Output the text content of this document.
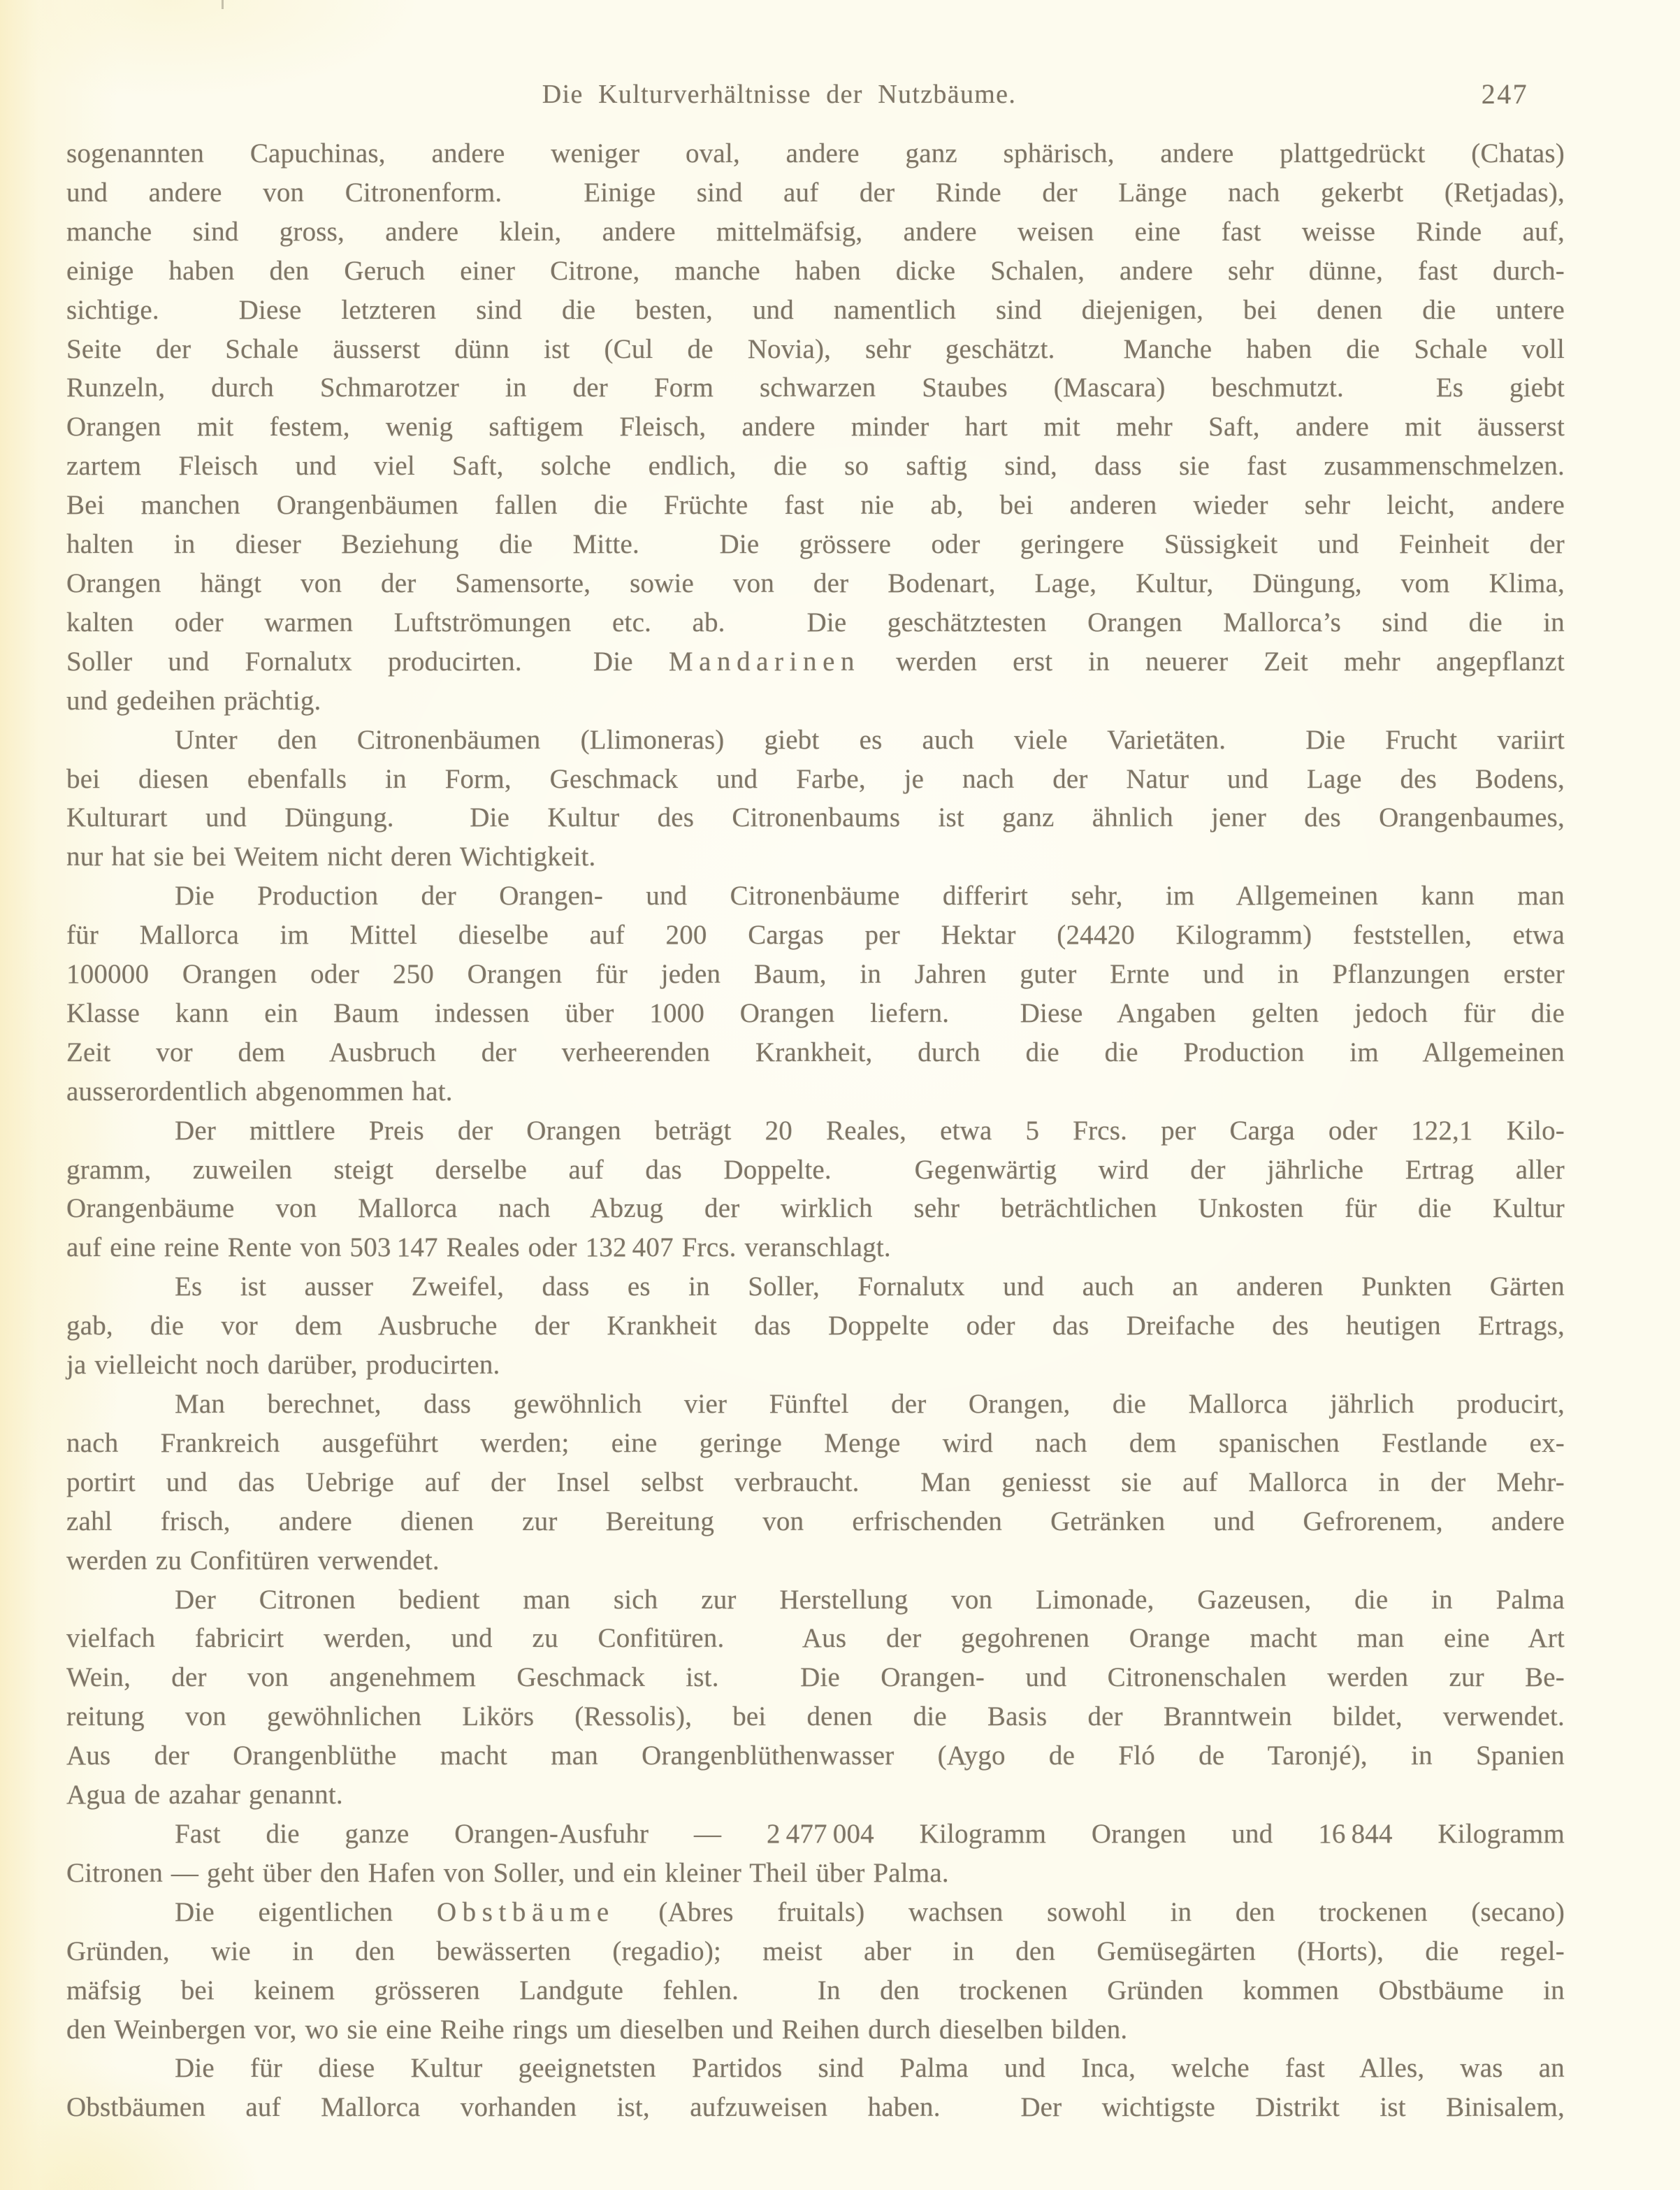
Die Kulturverhältnisse der Nutzbäume.	247
sogenannten Capuchinas, andere weniger oval, andere ganz sphärisch, andere plattgedrückt (Chatas)
und andere von Citronenform.  Einige sind auf der Rinde der Länge nach gekerbt (Retjadas),
manche sind gross, andere klein, andere mittelmäfsig, andere weisen eine fast weisse Rinde auf,
einige haben den Geruch einer Citrone, manche haben dicke Schalen, andere sehr dünne, fast durch-
sichtige.  Diese letzteren sind die besten, und namentlich sind diejenigen, bei denen die untere
Seite der Schale äusserst dünn ist (Cul de Novia), sehr geschätzt.  Manche haben die Schale voll
Runzeln, durch Schmarotzer in der Form schwarzen Staubes (Mascara) beschmutzt.  Es giebt
Orangen mit festem, wenig saftigem Fleisch, andere minder hart mit mehr Saft, andere mit äusserst
zartem Fleisch und viel Saft, solche endlich, die so saftig sind, dass sie fast zusammenschmelzen.
Bei manchen Orangenbäumen fallen die Früchte fast nie ab, bei anderen wieder sehr leicht, andere
halten in dieser Beziehung die Mitte.  Die grössere oder geringere Süssigkeit und Feinheit der
Orangen hängt von der Samensorte, sowie von der Bodenart, Lage, Kultur, Düngung, vom Klima,
kalten oder warmen Luftströmungen etc. ab.  Die geschätztesten Orangen Mallorca’s sind die in
Soller und Fornalutx producirten.  Die Mandarinen werden erst in neuerer Zeit mehr angepflanzt
und gedeihen prächtig.
Unter den Citronenbäumen (Llimoneras) giebt es auch viele Varietäten.  Die Frucht variirt
bei diesen ebenfalls in Form, Geschmack und Farbe, je nach der Natur und Lage des Bodens,
Kulturart und Düngung.  Die Kultur des Citronenbaums ist ganz ähnlich jener des Orangenbaumes,
nur hat sie bei Weitem nicht deren Wichtigkeit.
Die Production der Orangen- und Citronenbäume differirt sehr, im Allgemeinen kann man
für Mallorca im Mittel dieselbe auf 200 Cargas per Hektar (24420 Kilogramm) feststellen, etwa
100000 Orangen oder 250 Orangen für jeden Baum, in Jahren guter Ernte und in Pflanzungen erster
Klasse kann ein Baum indessen über 1000 Orangen liefern.  Diese Angaben gelten jedoch für die
Zeit vor dem Ausbruch der verheerenden Krankheit, durch die die Production im Allgemeinen
ausserordentlich abgenommen hat.
Der mittlere Preis der Orangen beträgt 20 Reales, etwa 5 Frcs. per Carga oder 122,1 Kilo-
gramm, zuweilen steigt derselbe auf das Doppelte.  Gegenwärtig wird der jährliche Ertrag aller
Orangenbäume von Mallorca nach Abzug der wirklich sehr beträchtlichen Unkosten für die Kultur
auf eine reine Rente von 503 147 Reales oder 132 407 Frcs. veranschlagt.
Es ist ausser Zweifel, dass es in Soller, Fornalutx und auch an anderen Punkten Gärten
gab, die vor dem Ausbruche der Krankheit das Doppelte oder das Dreifache des heutigen Ertrags,
ja vielleicht noch darüber, producirten.
Man berechnet, dass gewöhnlich vier Fünftel der Orangen, die Mallorca jährlich producirt,
nach Frankreich ausgeführt werden; eine geringe Menge wird nach dem spanischen Festlande ex-
portirt und das Uebrige auf der Insel selbst verbraucht.  Man geniesst sie auf Mallorca in der Mehr-
zahl frisch, andere dienen zur Bereitung von erfrischenden Getränken und Gefrorenem, andere
werden zu Confitüren verwendet.
Der Citronen bedient man sich zur Herstellung von Limonade, Gazeusen, die in Palma
vielfach fabricirt werden, und zu Confitüren.  Aus der gegohrenen Orange macht man eine Art
Wein, der von angenehmem Geschmack ist.  Die Orangen- und Citronenschalen werden zur Be-
reitung von gewöhnlichen Likörs (Ressolis), bei denen die Basis der Branntwein bildet, verwendet.
Aus der Orangenblüthe macht man Orangenblüthenwasser (Aygo de Fló de Taronjé), in Spanien
Agua de azahar genannt.
Fast die ganze Orangen-Ausfuhr — 2 477 004 Kilogramm Orangen und 16 844 Kilogramm
Citronen — geht über den Hafen von Soller, und ein kleiner Theil über Palma.
Die eigentlichen Obstbäume (Abres fruitals) wachsen sowohl in den trockenen (secano)
Gründen, wie in den bewässerten (regadio); meist aber in den Gemüsegärten (Horts), die regel-
mäfsig bei keinem grösseren Landgute fehlen.  In den trockenen Gründen kommen Obstbäume in
den Weinbergen vor, wo sie eine Reihe rings um dieselben und Reihen durch dieselben bilden.
Die für diese Kultur geeignetsten Partidos sind Palma und Inca, welche fast Alles, was an
Obstbäumen auf Mallorca vorhanden ist, aufzuweisen haben.  Der wichtigste Distrikt ist Binisalem,
